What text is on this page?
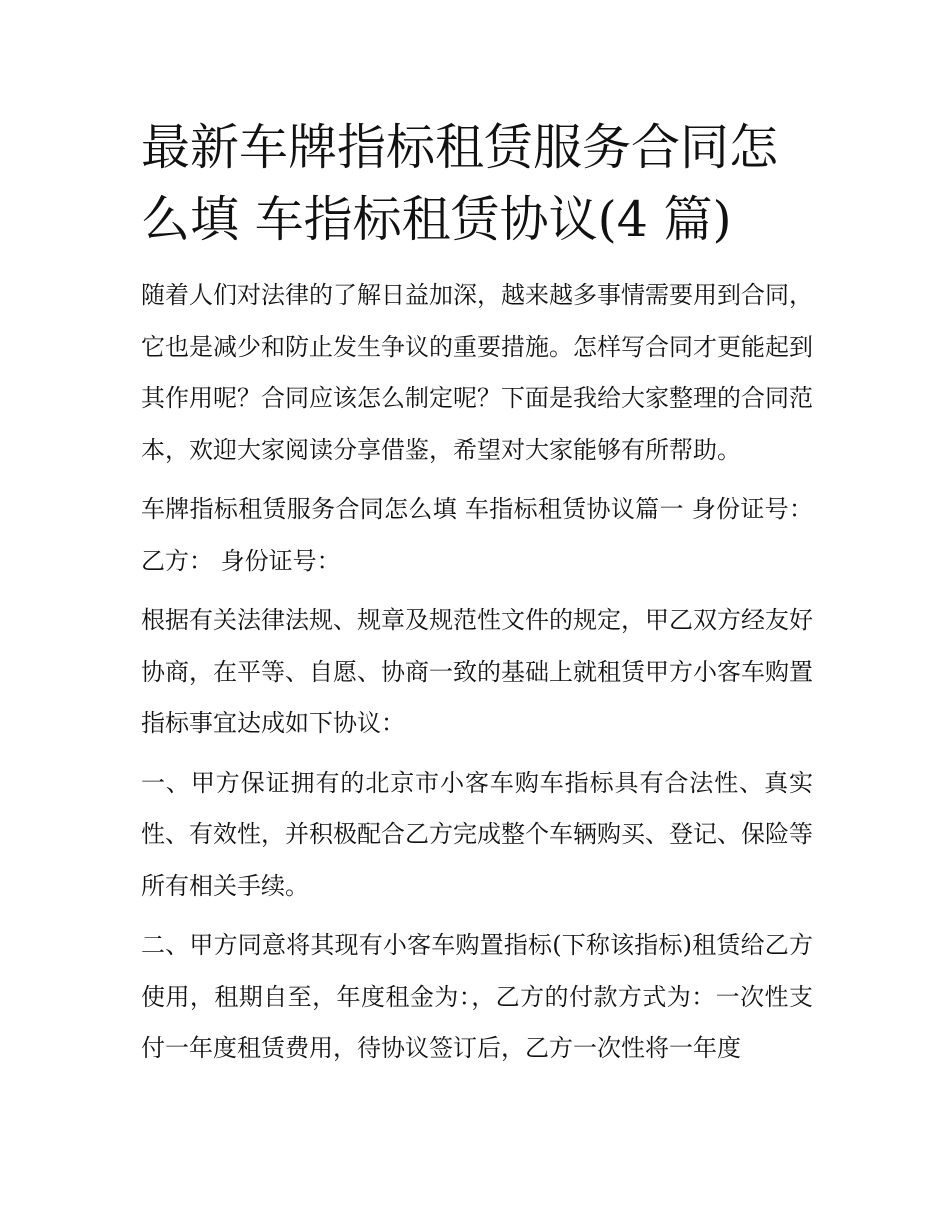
最新车牌指标租赁服务合同怎么填 车指标租赁协议(4 篇)

随着人们对法律的了解日益加深，越来越多事情需要用到合同，它也是减少和防止发生争议的重要措施。怎样写合同才更能起到其作用呢？合同应该怎么制定呢？下面是我给大家整理的合同范本，欢迎大家阅读分享借鉴，希望对大家能够有所帮助。

车牌指标租赁服务合同怎么填 车指标租赁协议篇一 身份证号： 乙方： 身份证号：

根据有关法律法规、规章及规范性文件的规定，甲乙双方经友好协商，在平等、自愿、协商一致的基础上就租赁甲方小客车购置指标事宜达成如下协议：

一、甲方保证拥有的北京市小客车购车指标具有合法性、真实性、有效性，并积极配合乙方完成整个车辆购买、登记、保险等所有相关手续。

二、甲方同意将其现有小客车购置指标(下称该指标)租赁给乙方使用，租期自至，年度租金为：，乙方的付款方式为：一次性支付一年度租赁费用，待协议签订后，乙方一次性将一年度
